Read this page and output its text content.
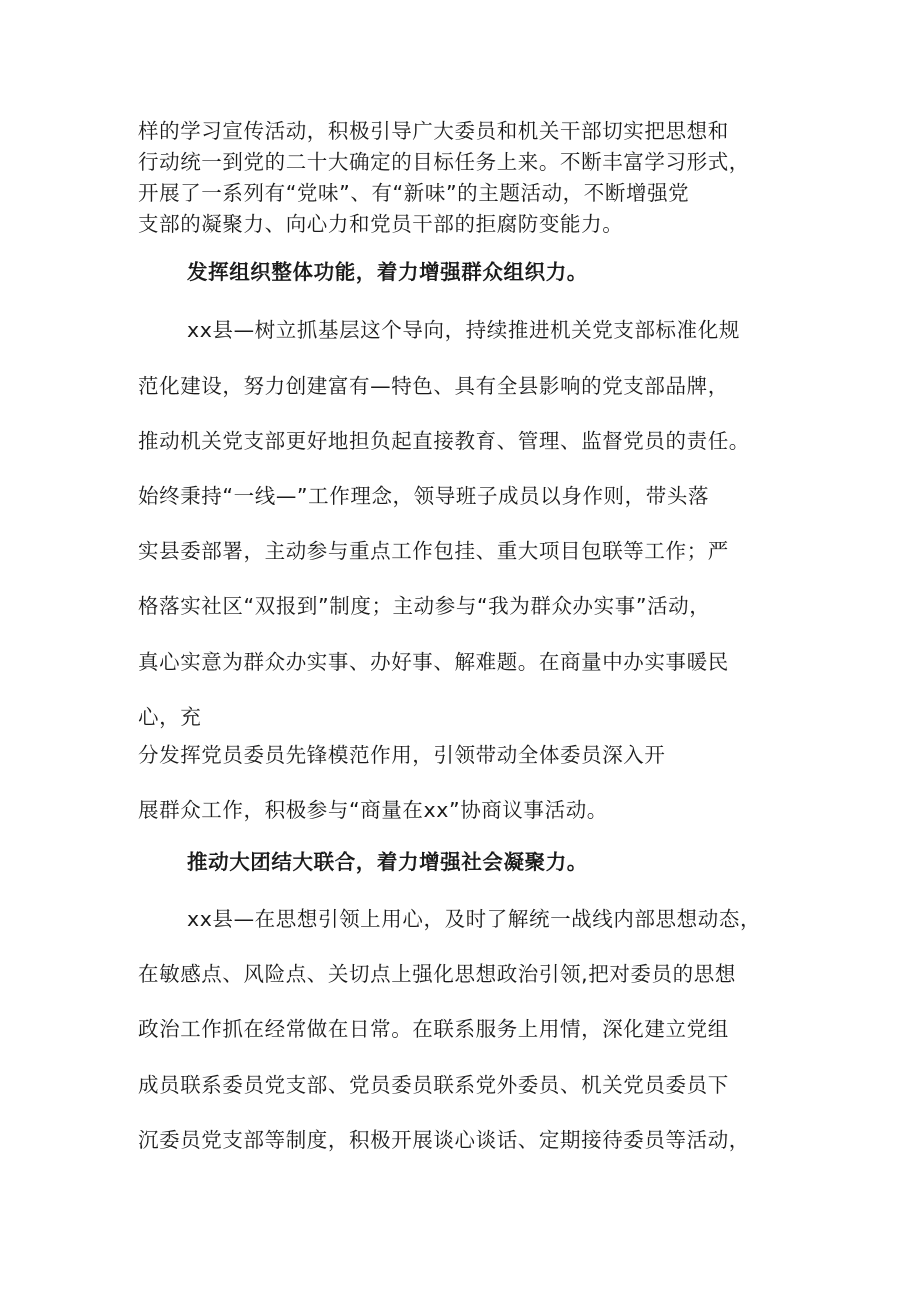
样的学习宣传活动，积极引导广大委员和机关干部切实把思想和
行动统一到党的二十大确定的目标任务上来。不断丰富学习形式，
开展了一系列有“党味”、有“新味”的主题活动，不断增强党
支部的凝聚力、向心力和党员干部的拒腐防变能力。
发挥组织整体功能，着力增强群众组织力。
xx县—树立抓基层这个导向，持续推进机关党支部标准化规
范化建设，努力创建富有—特色、具有全县影响的党支部品牌，
推动机关党支部更好地担负起直接教育、管理、监督党员的责任。
始终秉持“一线—”工作理念，领导班子成员以身作则，带头落
实县委部署，主动参与重点工作包挂、重大项目包联等工作；严
格落实社区“双报到”制度；主动参与“我为群众办实事”活动，
真心实意为群众办实事、办好事、解难题。在商量中办实事暖民
心，充
分发挥党员委员先锋模范作用，引领带动全体委员深入开
展群众工作，积极参与“商量在xx”协商议事活动。
推动大团结大联合，着力增强社会凝聚力。
xx县—在思想引领上用心，及时了解统一战线内部思想动态，
在敏感点、风险点、关切点上强化思想政治引领,把对委员的思想
政治工作抓在经常做在日常。在联系服务上用情，深化建立党组
成员联系委员党支部、党员委员联系党外委员、机关党员委员下
沉委员党支部等制度，积极开展谈心谈话、定期接待委员等活动，
